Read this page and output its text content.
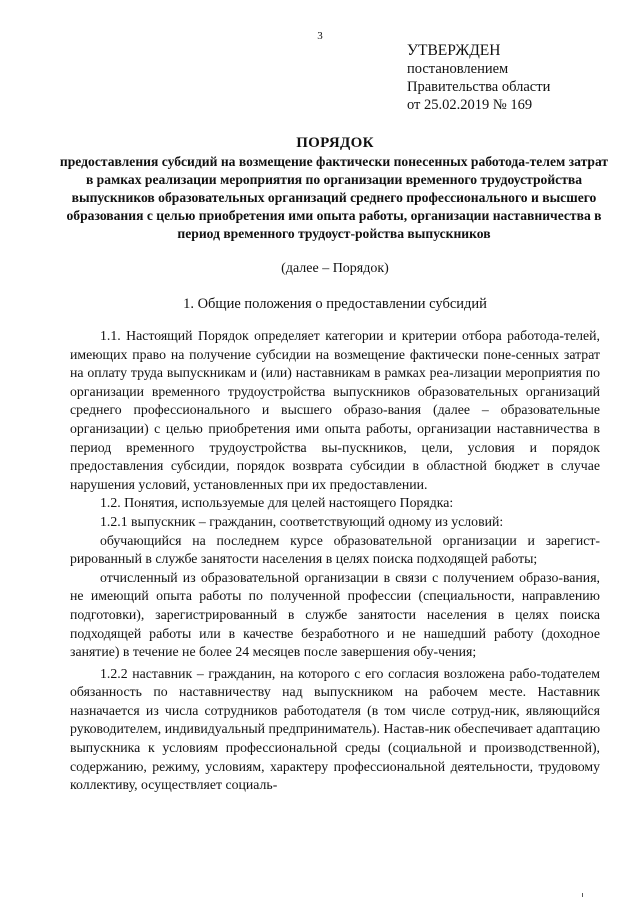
3
УТВЕРЖДЕН
постановлением
Правительства области
от 25.02.2019 № 169
ПОРЯДОК
предоставления субсидий на возмещение фактически понесенных работода-телем затрат в рамках реализации мероприятия по организации временного трудоустройства выпускников образовательных организаций среднего профессионального и высшего образования с целью приобретения ими опыта работы, организации наставничества в период временного трудоуст-ройства выпускников
(далее – Порядок)
1. Общие положения о предоставлении субсидий

1.1. Настоящий Порядок определяет категории и критерии отбора работода-телей, имеющих право на получение субсидии на возмещение фактически поне-сенных затрат на оплату труда выпускникам и (или) наставникам в рамках реа-лизации мероприятия по организации временного трудоустройства выпускников образовательных организаций среднего профессионального и высшего образо-вания (далее – образовательные организации) с целью приобретения ими опыта работы, организации наставничества в период временного трудоустройства вы-пускников, цели, условия и порядок предоставления субсидии, порядок возврата субсидии в областной бюджет в случае нарушения условий, установленных при их предоставлении.

1.2. Понятия, используемые для целей настоящего Порядка:

1.2.1 выпускник – гражданин, соответствующий одному из условий:

обучающийся на последнем курсе образовательной организации и зарегист-рированный в службе занятости населения в целях поиска подходящей работы;

отчисленный из образовательной организации в связи с получением образо-вания, не имеющий опыта работы по полученной профессии (специальности, направлению подготовки), зарегистрированный в службе занятости населения в целях поиска подходящей работы или в качестве безработного и не нашедший работу (доходное занятие) в течение не более 24 месяцев после завершения обу-чения;

1.2.2 наставник – гражданин, на которого с его согласия возложена рабо-тодателем обязанность по наставничеству над выпускником на рабочем месте. Наставник назначается из числа сотрудников работодателя (в том числе сотруд-ник, являющийся руководителем, индивидуальный предприниматель). Настав-ник обеспечивает адаптацию выпускника к условиям профессиональной среды (социальной и производственной), содержанию, режиму, условиям, характеру профессиональной деятельности, трудовому коллективу, осуществляет социаль-
